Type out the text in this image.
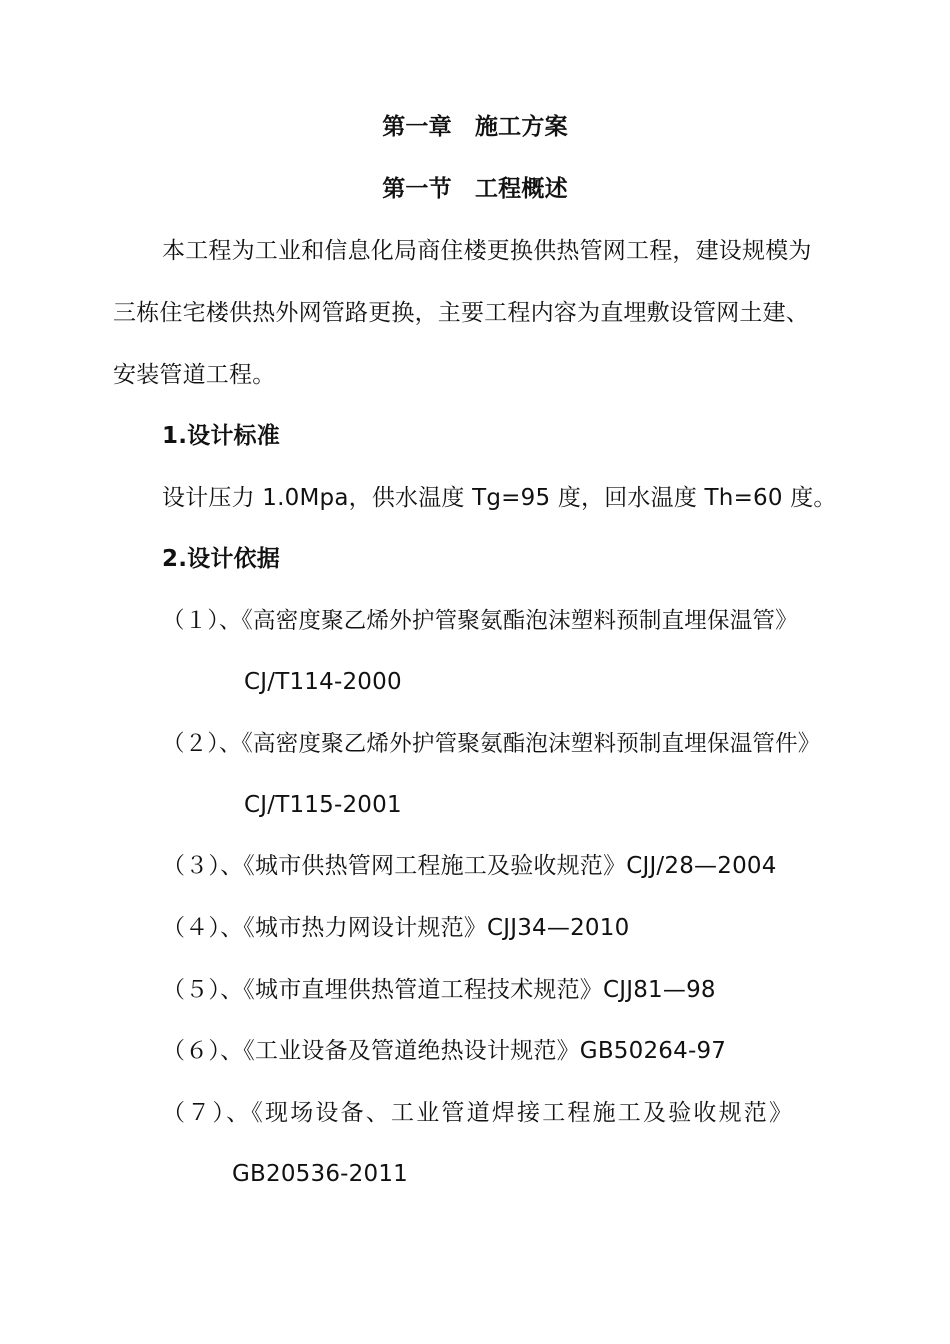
第一章　施工方案
第一节　工程概述
本工程为工业和信息化局商住楼更换供热管网工程，建设规模为
三栋住宅楼供热外网管路更换，主要工程内容为直埋敷设管网土建、
安装管道工程。
1.设计标准
设计压力 1.0Mpa，供水温度 Tg=95 度，回水温度 Th=60 度。
2.设计依据
（１）、《高密度聚乙烯外护管聚氨酯泡沫塑料预制直埋保温管》
CJ/T114-2000
（２）、《高密度聚乙烯外护管聚氨酯泡沫塑料预制直埋保温管件》
CJ/T115-2001
（３）、《城市供热管网工程施工及验收规范》CJJ/28—2004
（４）、《城市热力网设计规范》CJJ34—2010
（５）、《城市直埋供热管道工程技术规范》CJJ81—98
（６）、《工业设备及管道绝热设计规范》GB50264-97
（７）、《现场设备、工业管道焊接工程施工及验收规范》
GB20536-2011
